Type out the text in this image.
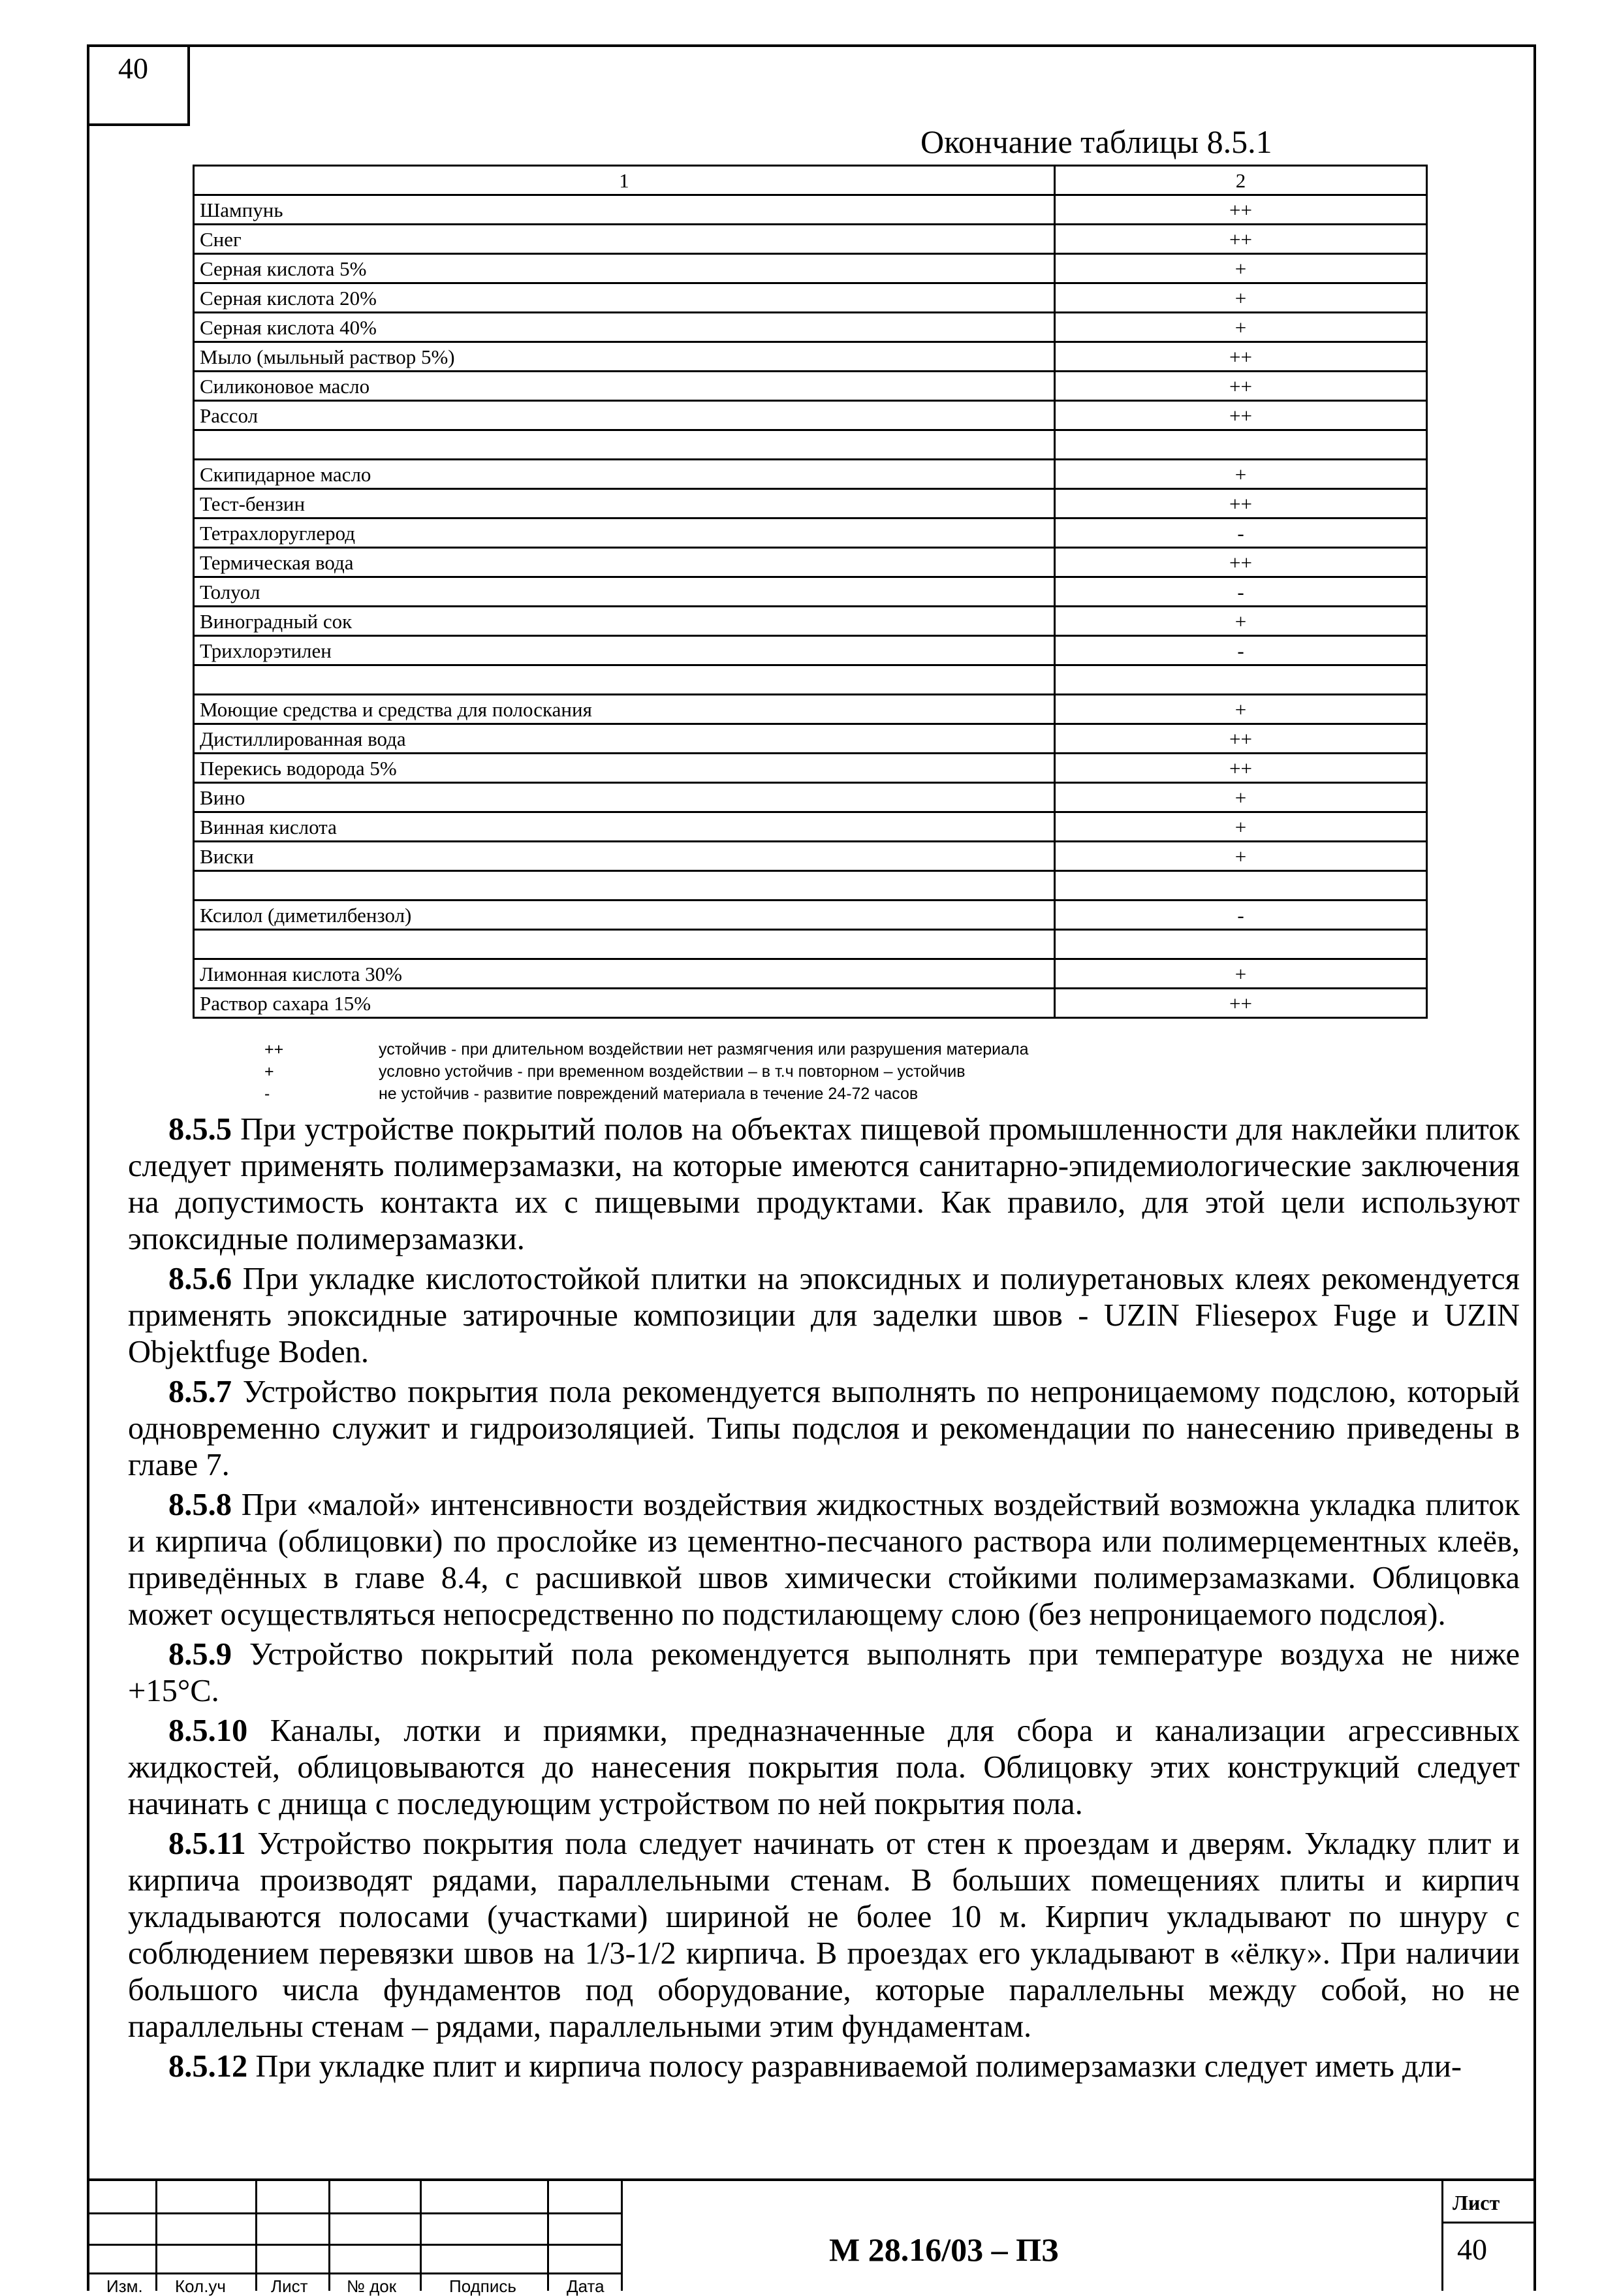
40
Окончание таблицы 8.5.1
1	2
Шампунь	++
Снег	++
Серная кислота 5%	+
Серная кислота 20%	+
Серная кислота 40%	+
Мыло (мыльный раствор 5%)	++
Силиконовое масло	++
Рассол	++

Скипидарное масло	+
Тест-бензин	++
Тетрахлоруглерод	-
Термическая вода	++
Толуол	-
Виноградный сок	+
Трихлорэтилен	-

Моющие средства и средства для полоскания	+
Дистиллированная вода	++
Перекись водорода 5%	++
Вино	+
Винная кислота	+
Виски	+

Ксилол (диметилбензол)	-

Лимонная кислота 30%	+
Раствор сахара 15%	++
++	устойчив - при длительном воздействии нет размягчения или разрушения материала
+	условно устойчив - при временном воздействии – в т.ч повторном – устойчив
-	не устойчив - развитие повреждений материала в течение 24-72 часов

8.5.5 При устройстве покрытий полов на объектах пищевой промышленности для наклейки плиток следует применять полимерзамазки, на которые имеются санитарно-эпидемиологические заключения на допустимость контакта их с пищевыми продуктами. Как правило, для этой цели используют эпоксидные полимерзамазки.

8.5.6 При укладке кислотостойкой плитки на эпоксидных и полиуретановых клеях рекомендуется применять эпоксидные затирочные композиции для заделки швов - UZIN Fliesepox Fuge и UZIN Objektfuge Boden.

8.5.7 Устройство покрытия пола рекомендуется выполнять по непроницаемому подслою, который одновременно служит и гидроизоляцией. Типы подслоя и рекомендации по нанесению приведены в главе 7.

8.5.8 При «малой» интенсивности воздействия жидкостных воздействий возможна укладка плиток и кирпича (облицовки) по прослойке из цементно-песчаного раствора или полимерцементных клеёв, приведённых в главе 8.4, с расшивкой швов химически стойкими полимерзамазками. Облицовка может осуществляться непосредственно по подстилающему слою (без непроницаемого подслоя).

8.5.9 Устройство покрытий пола рекомендуется выполнять при температуре воздуха не ниже +15°С.

8.5.10 Каналы, лотки и приямки, предназначенные для сбора и канализации агрессивных жидкостей, облицовываются до нанесения покрытия пола. Облицовку этих конструкций следует начинать с днища с последующим устройством по ней покрытия пола.

8.5.11 Устройство покрытия пола следует начинать от стен к проездам и дверям. Укладку плит и кирпича производят рядами, параллельными стенам. В больших помещениях плиты и кирпич укладываются полосами (участками) шириной не более 10 м. Кирпич укладывают по шнуру с соблюдением перевязки швов на 1/3-1/2 кирпича. В проездах его укладывают в «ёлку». При наличии большого числа фундаментов под оборудование, которые параллельны между собой, но не параллельны стенам – рядами, параллельными этим фундаментам.

8.5.12 При укладке плит и кирпича полосу разравниваемой полимерзамазки следует иметь дли-

Изм. Кол.уч	Лист № док	Подпись	Дата
М 28.16/03 – ПЗ
Лист
40
